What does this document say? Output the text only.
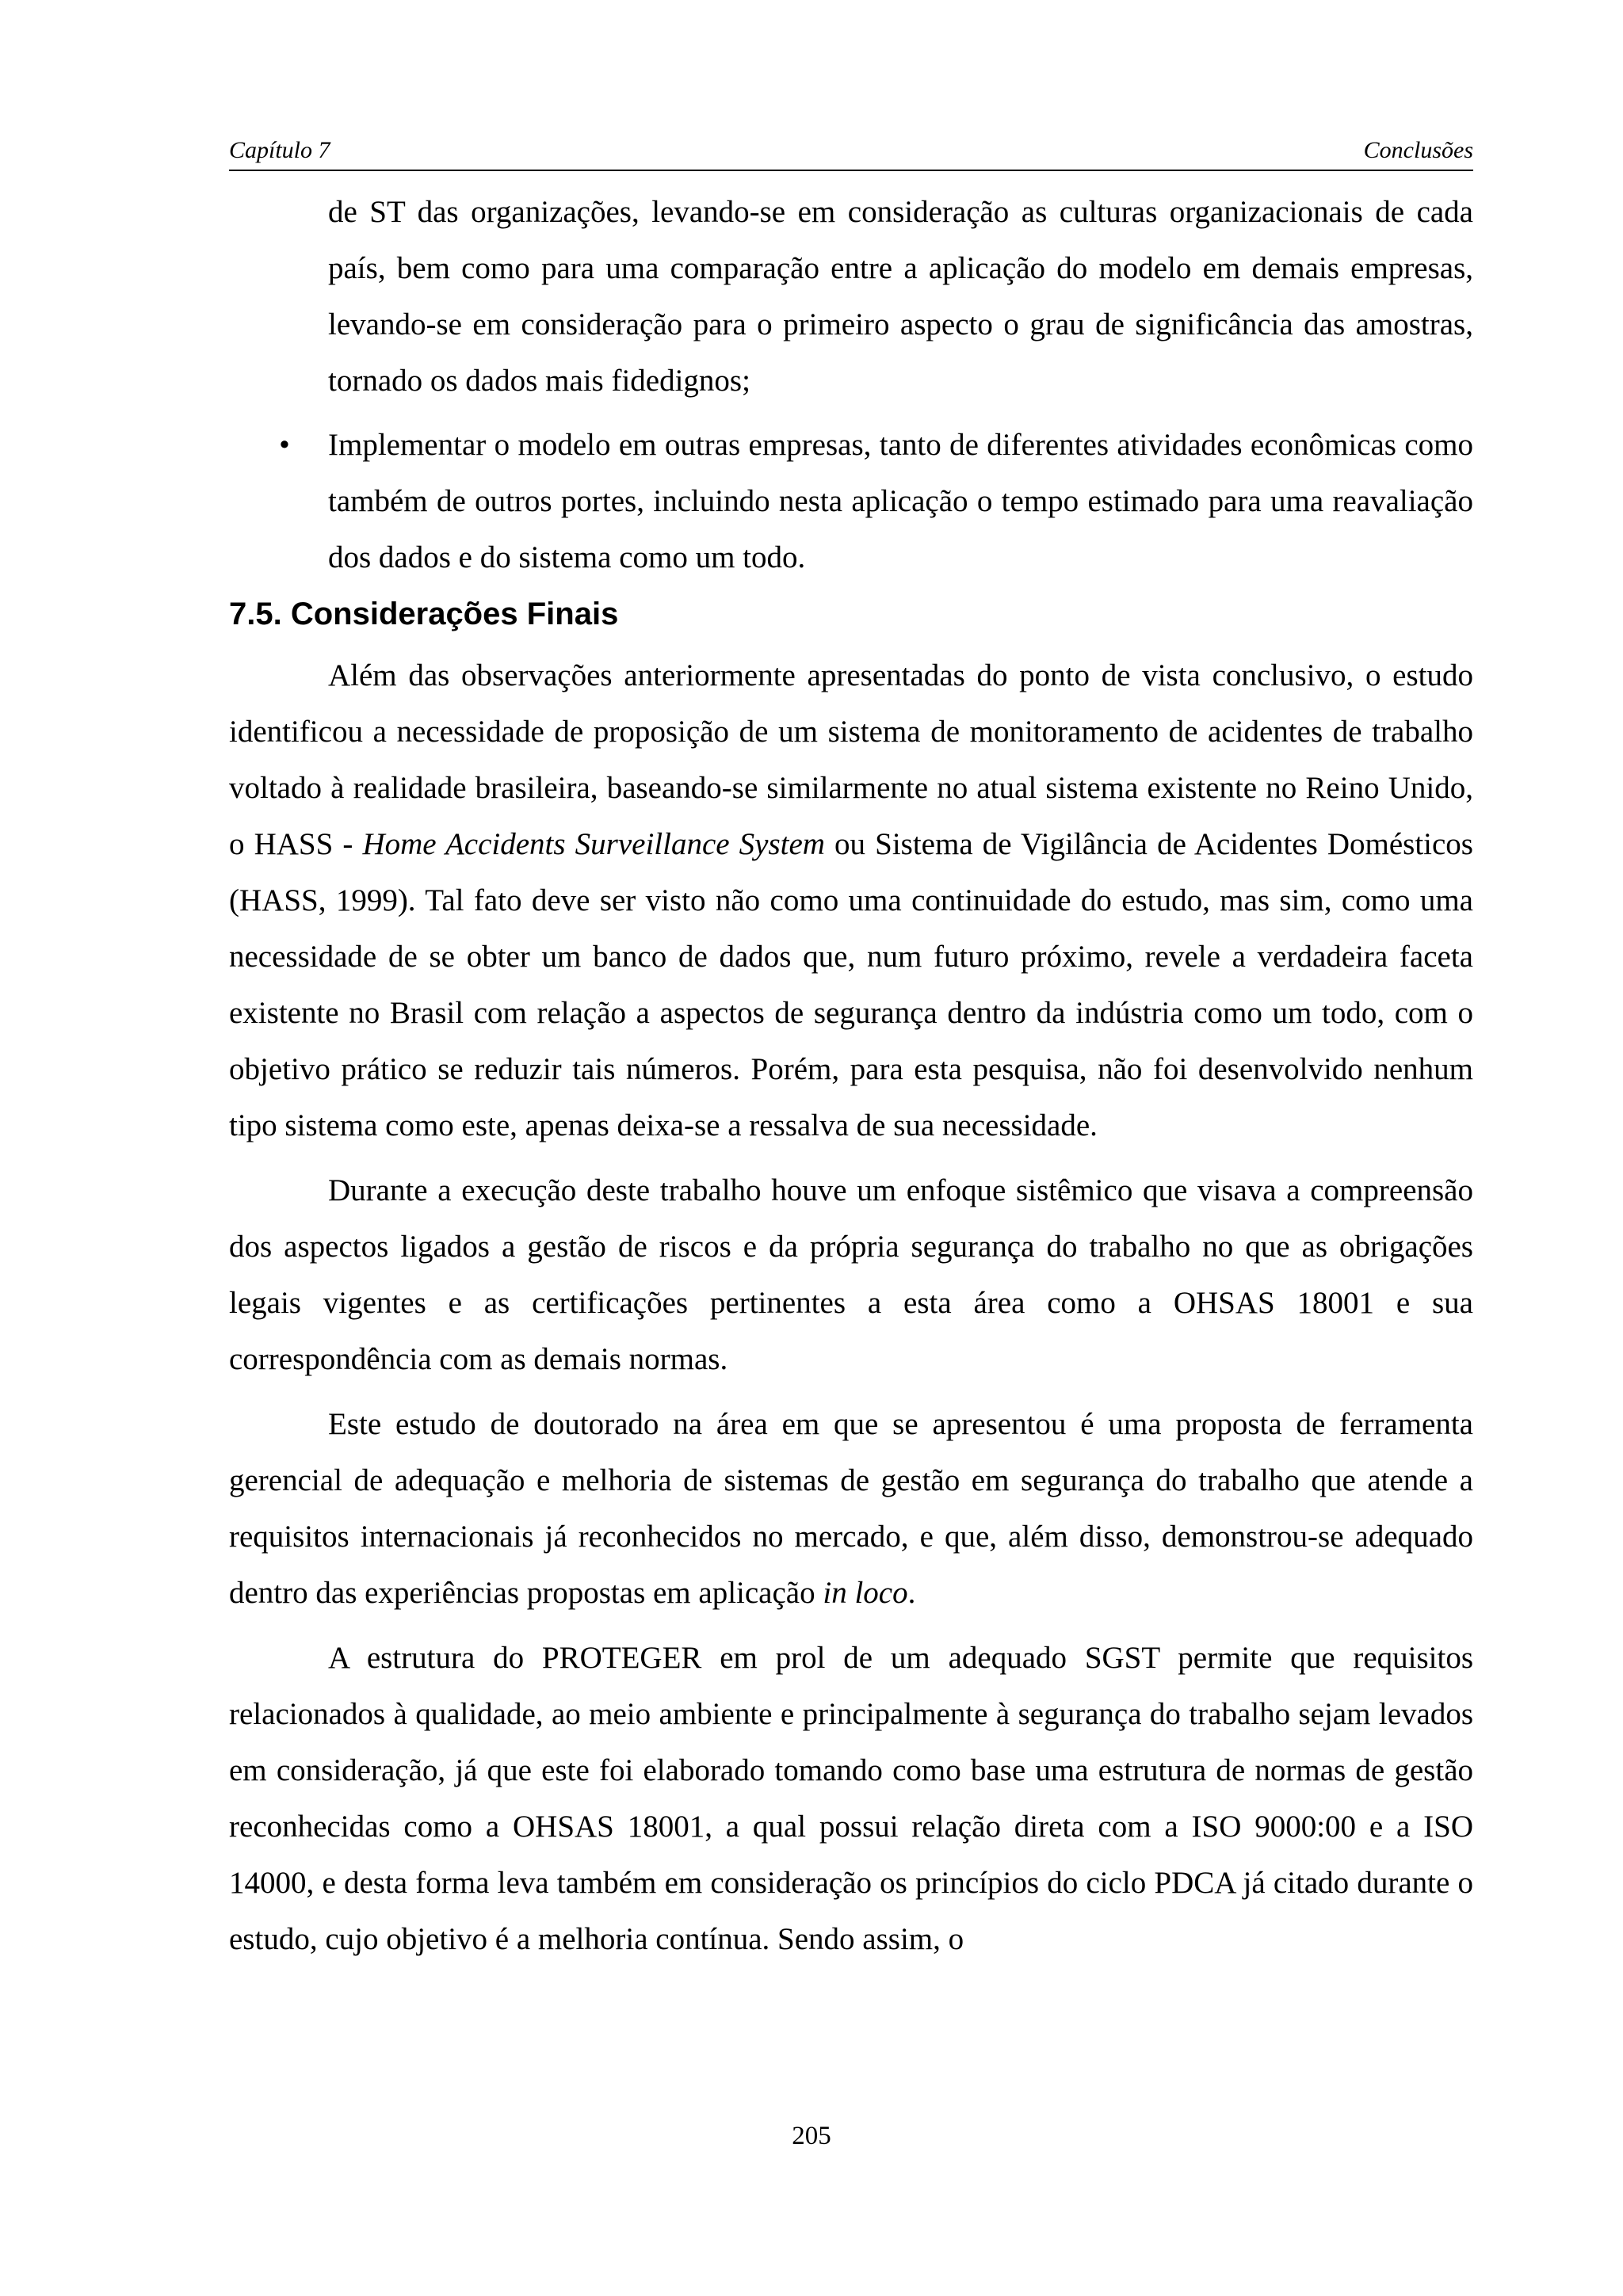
Capítulo 7	Conclusões
de ST das organizações, levando-se em consideração as culturas organizacionais de cada país, bem como para uma comparação entre a aplicação do modelo em demais empresas, levando-se em consideração para o primeiro aspecto o grau de significância das amostras, tornado os dados mais fidedignos;
• Implementar o modelo em outras empresas, tanto de diferentes atividades econômicas como também de outros portes, incluindo nesta aplicação o tempo estimado para uma reavaliação dos dados e do sistema como um todo.
7.5. Considerações Finais

Além das observações anteriormente apresentadas do ponto de vista conclusivo, o estudo identificou a necessidade de proposição de um sistema de monitoramento de acidentes de trabalho voltado à realidade brasileira, baseando-se similarmente no atual sistema existente no Reino Unido, o HASS - Home Accidents Surveillance System ou Sistema de Vigilância de Acidentes Domésticos (HASS, 1999). Tal fato deve ser visto não como uma continuidade do estudo, mas sim, como uma necessidade de se obter um banco de dados que, num futuro próximo, revele a verdadeira faceta existente no Brasil com relação a aspectos de segurança dentro da indústria como um todo, com o objetivo prático se reduzir tais números. Porém, para esta pesquisa, não foi desenvolvido nenhum tipo sistema como este, apenas deixa-se a ressalva de sua necessidade.

Durante a execução deste trabalho houve um enfoque sistêmico que visava a compreensão dos aspectos ligados a gestão de riscos e da própria segurança do trabalho no que as obrigações legais vigentes e as certificações pertinentes a esta área como a OHSAS 18001 e sua correspondência com as demais normas.

Este estudo de doutorado na área em que se apresentou é uma proposta de ferramenta gerencial de adequação e melhoria de sistemas de gestão em segurança do trabalho que atende a requisitos internacionais já reconhecidos no mercado, e que, além disso, demonstrou-se adequado dentro das experiências propostas em aplicação in loco.

A estrutura do PROTEGER em prol de um adequado SGST permite que requisitos relacionados à qualidade, ao meio ambiente e principalmente à segurança do trabalho sejam levados em consideração, já que este foi elaborado tomando como base uma estrutura de normas de gestão reconhecidas como a OHSAS 18001, a qual possui relação direta com a ISO 9000:00 e a ISO 14000, e desta forma leva também em consideração os princípios do ciclo PDCA já citado durante o estudo, cujo objetivo é a melhoria contínua. Sendo assim, o

205
